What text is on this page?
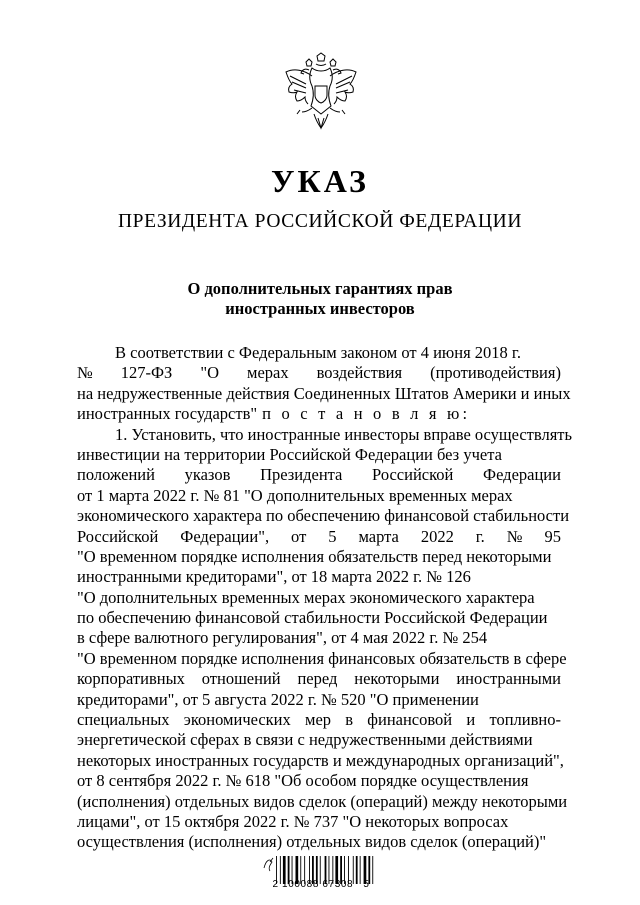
УКАЗ
ПРЕЗИДЕНТА РОССИЙСКОЙ ФЕДЕРАЦИИ
О дополнительных гарантиях прав
иностранных инвесторов
В соответствии с Федеральным законом от 4 июня 2018 г.
№ 127-ФЗ "О мерах воздействия (противодействия)
на недружественные действия Соединенных Штатов Америки и иных
иностранных государств" п о с т а н о в л я ю:
1. Установить, что иностранные инвесторы вправе осуществлять
инвестиции на территории Российской Федерации без учета
положений указов Президента Российской Федерации
от 1 марта 2022 г. № 81 "О дополнительных временных мерах
экономического характера по обеспечению финансовой стабильности
Российской Федерации", от 5 марта 2022 г. № 95
"О временном порядке исполнения обязательств перед некоторыми
иностранными кредиторами", от 18 марта 2022 г. № 126
"О дополнительных временных мерах экономического характера
по обеспечению финансовой стабильности Российской Федерации
в сфере валютного регулирования", от 4 мая 2022 г. № 254
"О временном порядке исполнения финансовых обязательств в сфере
корпоративных отношений перед некоторыми иностранными
кредиторами", от 5 августа 2022 г. № 520 "О применении
специальных экономических мер в финансовой и топливно-
энергетической сферах в связи с недружественными действиями
некоторых иностранных государств и международных организаций",
от 8 сентября 2022 г. № 618 "Об особом порядке осуществления
(исполнения) отдельных видов сделок (операций) между некоторыми
лицами", от 15 октября 2022 г. № 737 "О некоторых вопросах
осуществления (исполнения) отдельных видов сделок (операций)"
2 100088 67308   5
